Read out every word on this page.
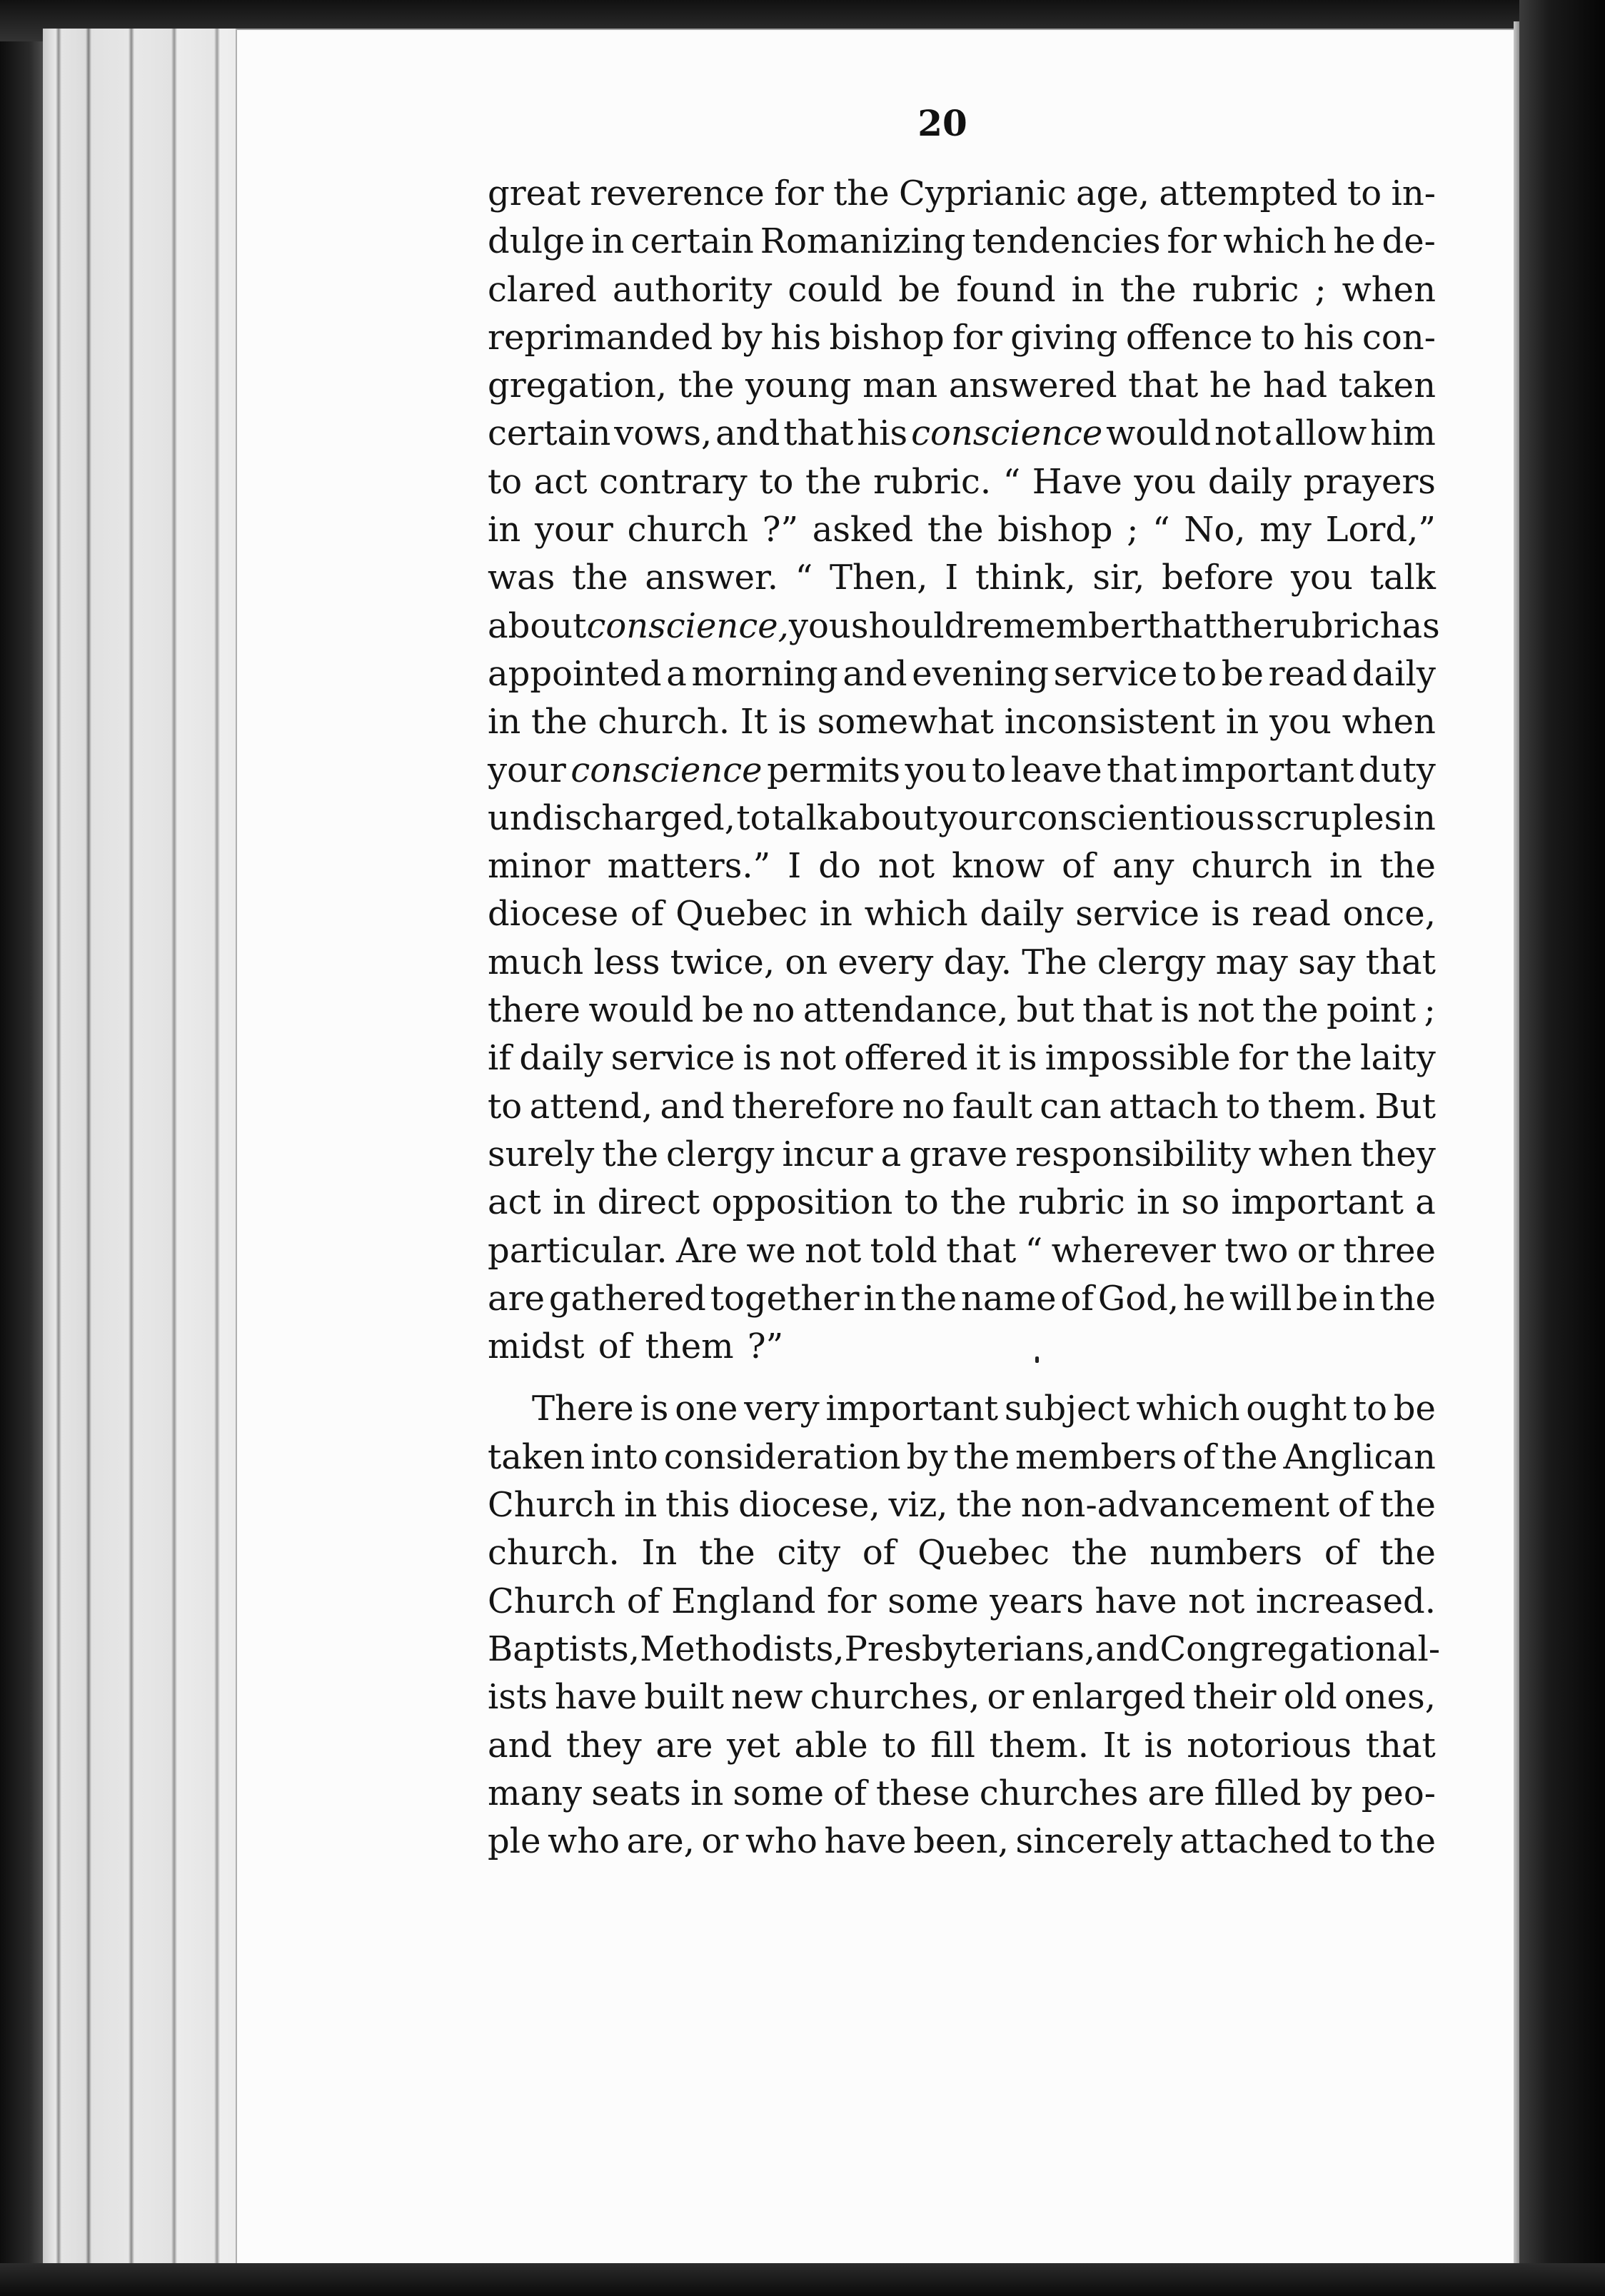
20
great reverence for the Cyprianic age, attempted to in-
dulge in certain Romanizing tendencies for which he de-
clared authority could be found in the rubric ; when
reprimanded by his bishop for giving offence to his con-
gregation, the young man answered that he had taken
certain vows, and that his conscience would not allow him
to act contrary to the rubric. “ Have you daily prayers
in your church ?” asked the bishop ; “ No, my Lord,”
was the answer. “ Then, I think, sir, before you talk
about conscience, you should remember that the rubric has
appointed a morning and evening service to be read daily
in the church. It is somewhat inconsistent in you when
your conscience permits you to leave that important duty
undischarged, to talk about your conscientious scruples in
minor matters.” I do not know of any church in the
diocese of Quebec in which daily service is read once,
much less twice, on every day. The clergy may say that
there would be no attendance, but that is not the point ;
if daily service is not offered it is impossible for the laity
to attend, and therefore no fault can attach to them. But
surely the clergy incur a grave responsibility when they
act in direct opposition to the rubric in so important a
particular. Are we not told that “ wherever two or three
are gathered together in the name of God, he will be in the
midst of them ?”
There is one very important subject which ought to be
taken into consideration by the members of the Anglican
Church in this diocese, viz, the non-advancement of the
church. In the city of Quebec the numbers of the
Church of England for some years have not increased.
Baptists, Methodists, Presbyterians, and Congregational-
ists have built new churches, or enlarged their old ones,
and they are yet able to fill them. It is notorious that
many seats in some of these churches are filled by peo-
ple who are, or who have been, sincerely attached to the
